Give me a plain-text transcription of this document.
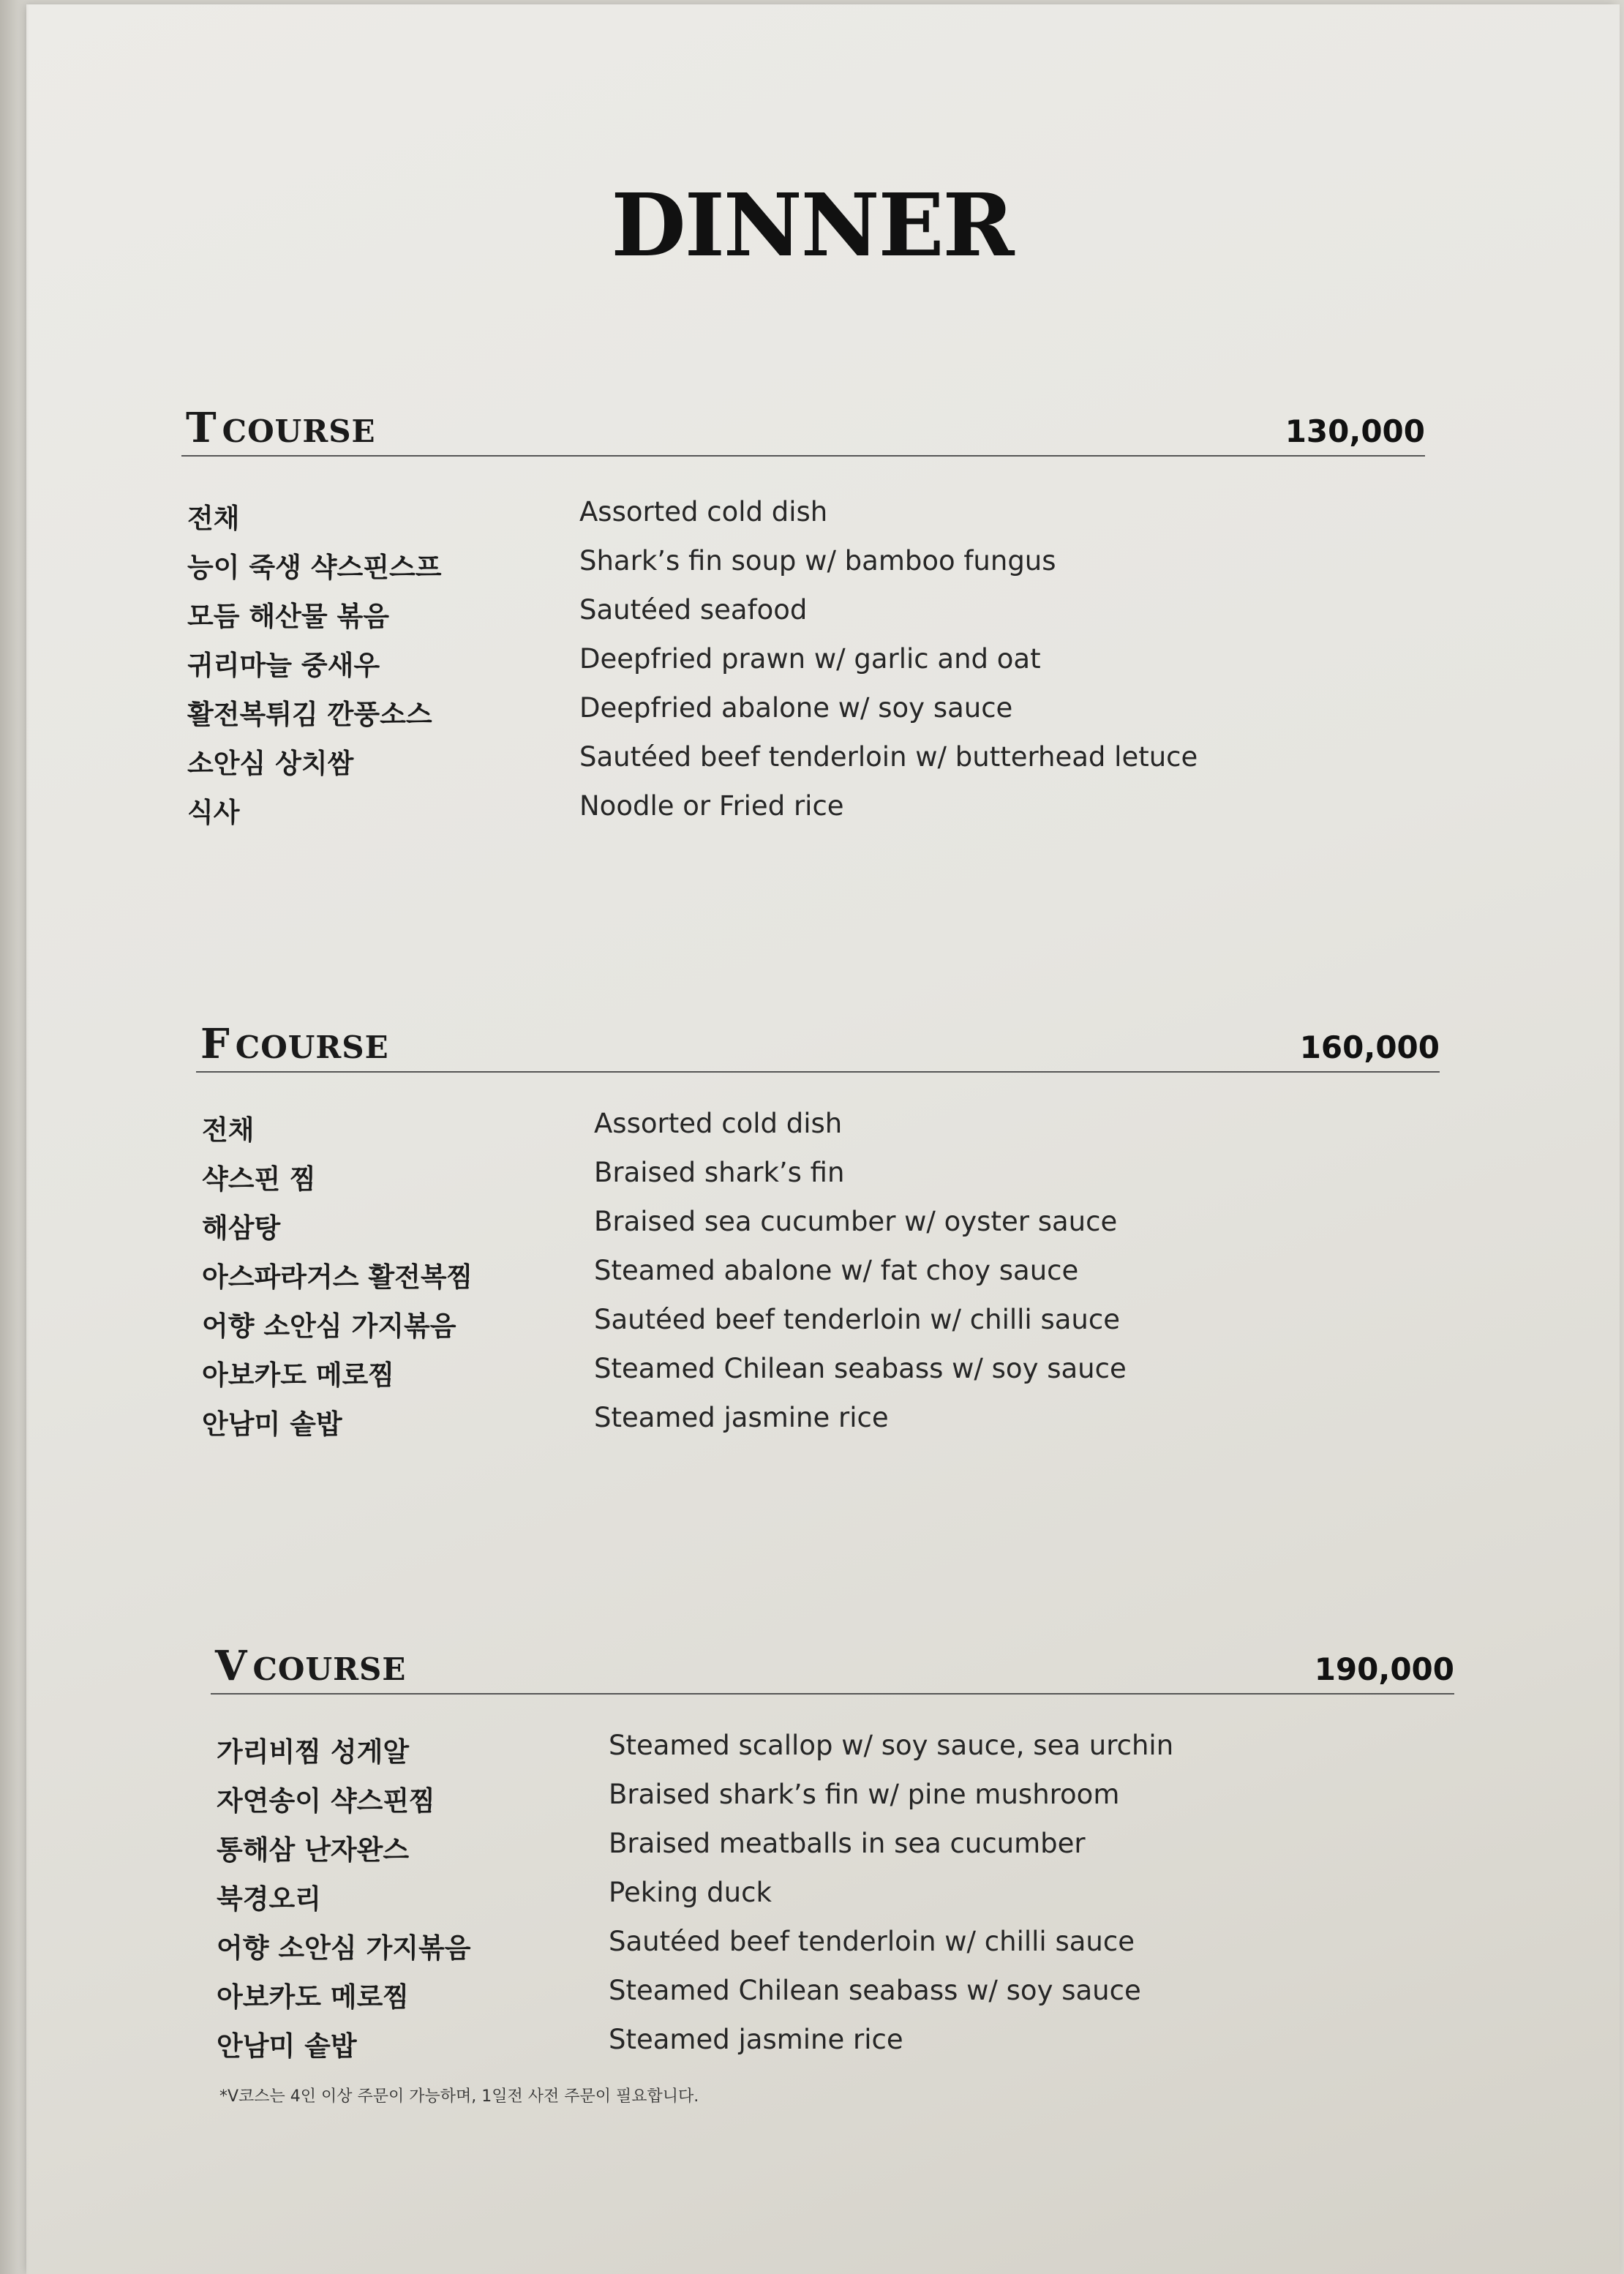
DINNER
T COURSE	130,000
전채	Assorted cold dish
능이 죽생 샥스핀스프	Shark’s fin soup w/ bamboo fungus
모듬 해산물 볶음	Sautéed seafood
귀리마늘 중새우	Deepfried prawn w/ garlic and oat
활전복튀김 깐풍소스	Deepfried abalone w/ soy sauce
소안심 상치쌈	Sautéed beef tenderloin w/ butterhead letuce
식사	Noodle or Fried rice
F COURSE	160,000
전채	Assorted cold dish
샥스핀 찜	Braised shark’s fin
해삼탕	Braised sea cucumber w/ oyster sauce
아스파라거스 활전복찜	Steamed abalone w/ fat choy sauce
어향 소안심 가지볶음	Sautéed beef tenderloin w/ chilli sauce
아보카도 메로찜	Steamed Chilean seabass w/ soy sauce
안남미 솥밥	Steamed jasmine rice
V COURSE	190,000
가리비찜 성게알	Steamed scallop w/ soy sauce, sea urchin
자연송이 샥스핀찜	Braised shark’s fin w/ pine mushroom
통해삼 난자완스	Braised meatballs in sea cucumber
북경오리	Peking duck
어향 소안심 가지볶음	Sautéed beef tenderloin w/ chilli sauce
아보카도 메로찜	Steamed Chilean seabass w/ soy sauce
안남미 솥밥	Steamed jasmine rice
*V코스는 4인 이상 주문이 가능하며, 1일전 사전 주문이 필요합니다.
